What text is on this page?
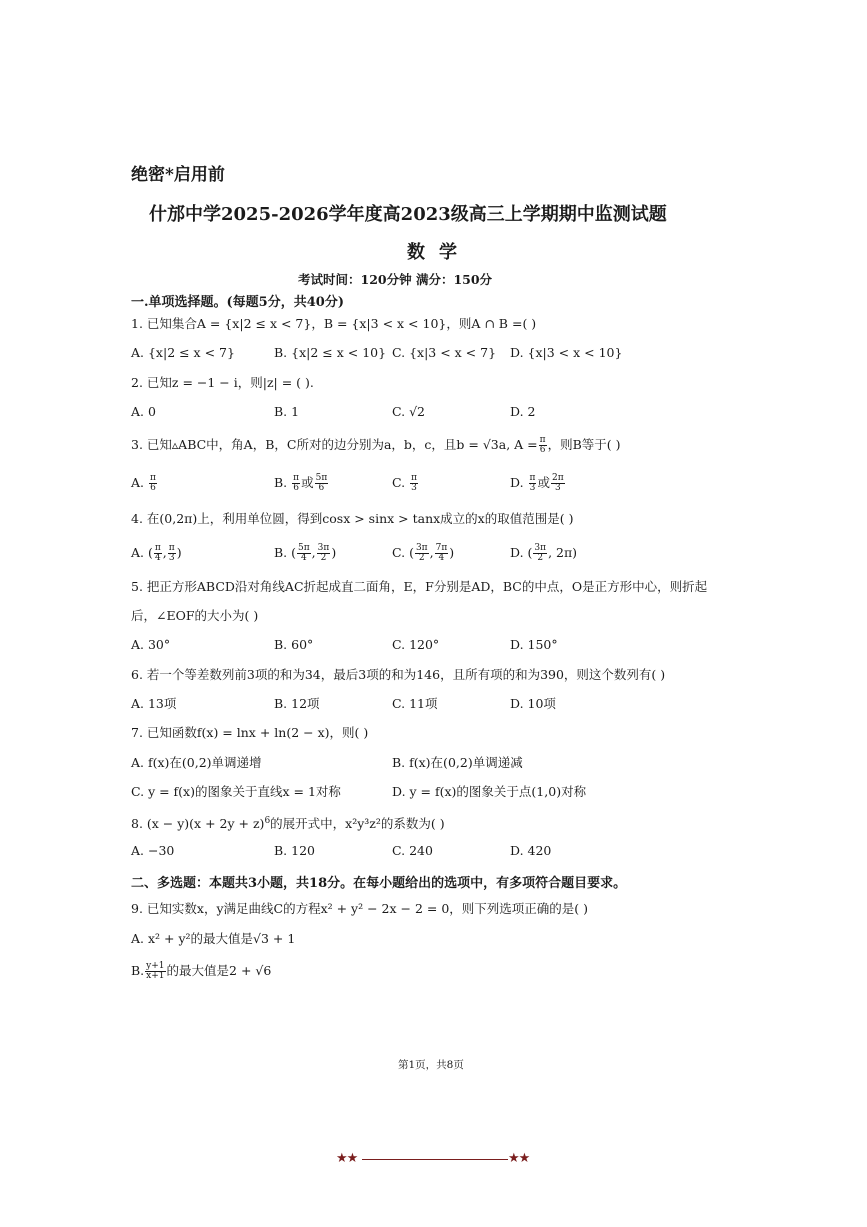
绝密*启用前
什邡中学2025-2026学年度高2023级高三上学期期中监测试题
数学
考试时间：120分钟 满分：150分
一.单项选择题。(每题5分，共40分)
1. 已知集合A = {x|2 ≤ x < 7}，B = {x|3 < x < 10}，则A ∩ B =( )
A. {x|2 ≤ x < 7}	B. {x|2 ≤ x < 10} C. {x|3 < x < 7} D. {x|3 < x < 10}
2. 已知z = −1 − i，则|z| = ( ).
A. 0	B. 1	C. √2	D. 2
3. 已知▵ABC中，角A，B，C所对的边分别为a，b，c，且b = √3a, $A = \frac{\pi}{6}$ ，则B等于( )
A. $\frac{\pi}{6}$	B. $\frac{\pi}{6}$ 或 $\frac{5\pi}{6}$	C. $\frac{\pi}{3}$	D. $\frac{\pi}{3}$ 或 $\frac{2\pi}{3}$
4. 在(0,2π)上，利用单位圆，得到cosx > sinx > tanx成立的x的取值范围是( )
A. ( $\frac{\pi}{4}$ , $\frac{\pi}{3}$ )	B. ( $\frac{5\pi}{4}$ , $\frac{3\pi}{2}$ )	C. ( $\frac{3\pi}{2}$ , $\frac{7\pi}{4}$ )	D. ( $\frac{3\pi}{2}$ , 2π)
5. 把正方形ABCD沿对角线AC折起成直二面角，E，F分别是AD，BC的中点，O是正方形中心，则折起
后，∠EOF的大小为( )
A. 30°	B. 60°	C. 120°	D. 150°
6. 若一个等差数列前3项的和为34，最后3项的和为146，且所有项的和为390，则这个数列有( )
A. 13项	B. 12项	C. 11项	D. 10项
7. 已知函数f(x) = lnx + ln(2 − x)，则( )
A. f(x)在(0,2)单调递增	B. f(x)在(0,2)单调递减
C. y = f(x)的图象关于直线x = 1对称	D. y = f(x)的图象关于点(1,0)对称
8. $(x - y)(x + 2y + z)^6$的展开式中，x²y³z²的系数为( )
A. −30	B. 120	C. 240	D. 420
二、多选题：本题共3小题，共18分。在每小题给出的选项中，有多项符合题目要求。
9. 已知实数x，y满足曲线C的方程x² + y² − 2x − 2 = 0，则下列选项正确的是( )
A. x² + y²的最大值是√3 + 1
B. $\frac{y+1}{x+1}$ 的最大值是2 + √6
第1页，共8页
★★	★★
